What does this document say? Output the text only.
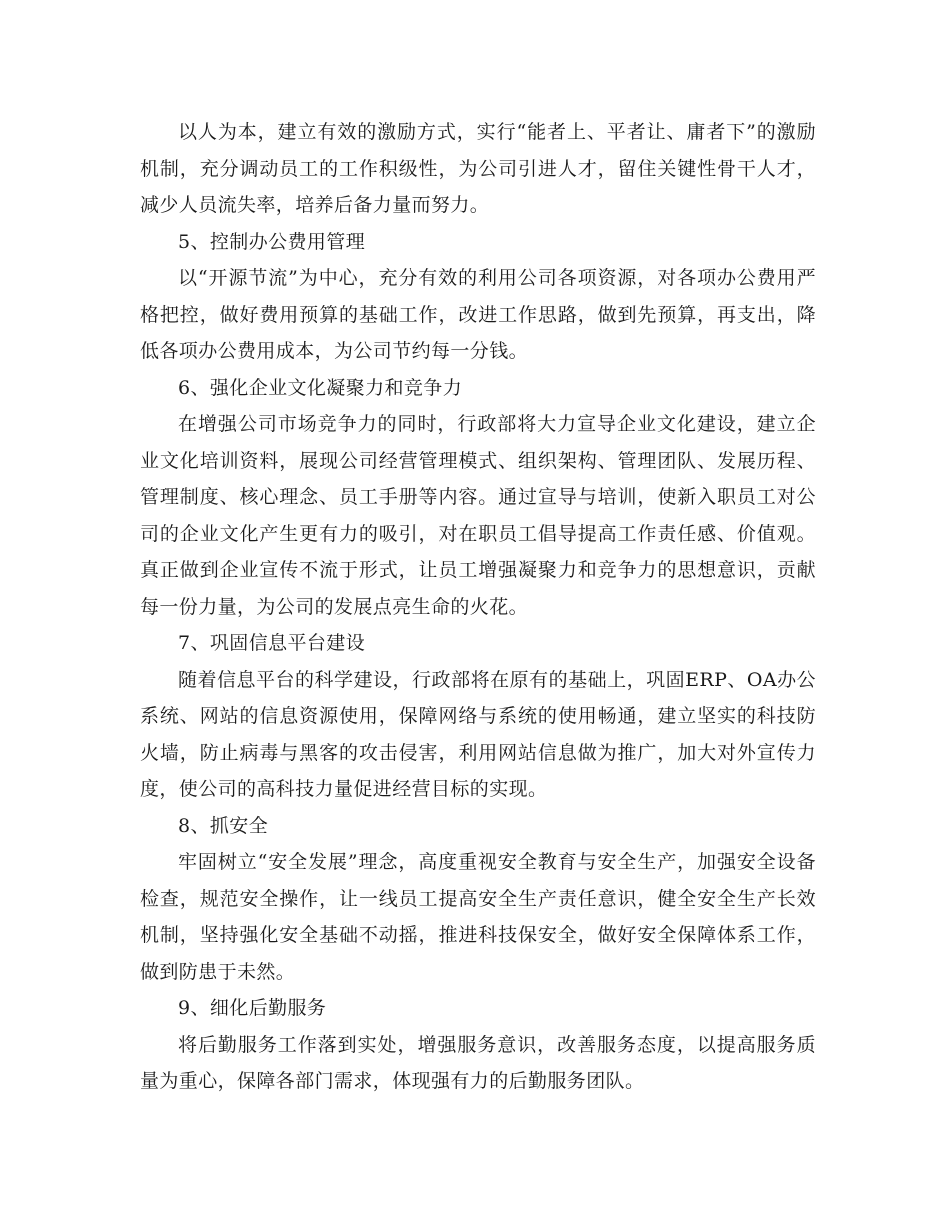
以人为本，建立有效的激励方式，实行“能者上、平者让、庸者下”的激励机制，充分调动员工的工作积级性，为公司引进人才，留住关键性骨干人才，减少人员流失率，培养后备力量而努力。

5、控制办公费用管理

以“开源节流”为中心，充分有效的利用公司各项资源，对各项办公费用严格把控，做好费用预算的基础工作，改进工作思路，做到先预算，再支出，降低各项办公费用成本，为公司节约每一分钱。

6、强化企业文化凝聚力和竞争力

在增强公司市场竞争力的同时，行政部将大力宣导企业文化建设，建立企业文化培训资料，展现公司经营管理模式、组织架构、管理团队、发展历程、管理制度、核心理念、员工手册等内容。通过宣导与培训，使新入职员工对公司的企业文化产生更有力的吸引，对在职员工倡导提高工作责任感、价值观。真正做到企业宣传不流于形式，让员工增强凝聚力和竞争力的思想意识，贡献每一份力量，为公司的发展点亮生命的火花。

7、巩固信息平台建设

随着信息平台的科学建设，行政部将在原有的基础上，巩固ERP、OA办公系统、网站的信息资源使用，保障网络与系统的使用畅通，建立坚实的科技防火墙，防止病毒与黑客的攻击侵害，利用网站信息做为推广，加大对外宣传力度，使公司的高科技力量促进经营目标的实现。

8、抓安全

牢固树立“安全发展”理念，高度重视安全教育与安全生产，加强安全设备检查，规范安全操作，让一线员工提高安全生产责任意识，健全安全生产长效机制，坚持强化安全基础不动摇，推进科技保安全，做好安全保障体系工作，做到防患于未然。

9、细化后勤服务

将后勤服务工作落到实处，增强服务意识，改善服务态度，以提高服务质量为重心，保障各部门需求，体现强有力的后勤服务团队。
